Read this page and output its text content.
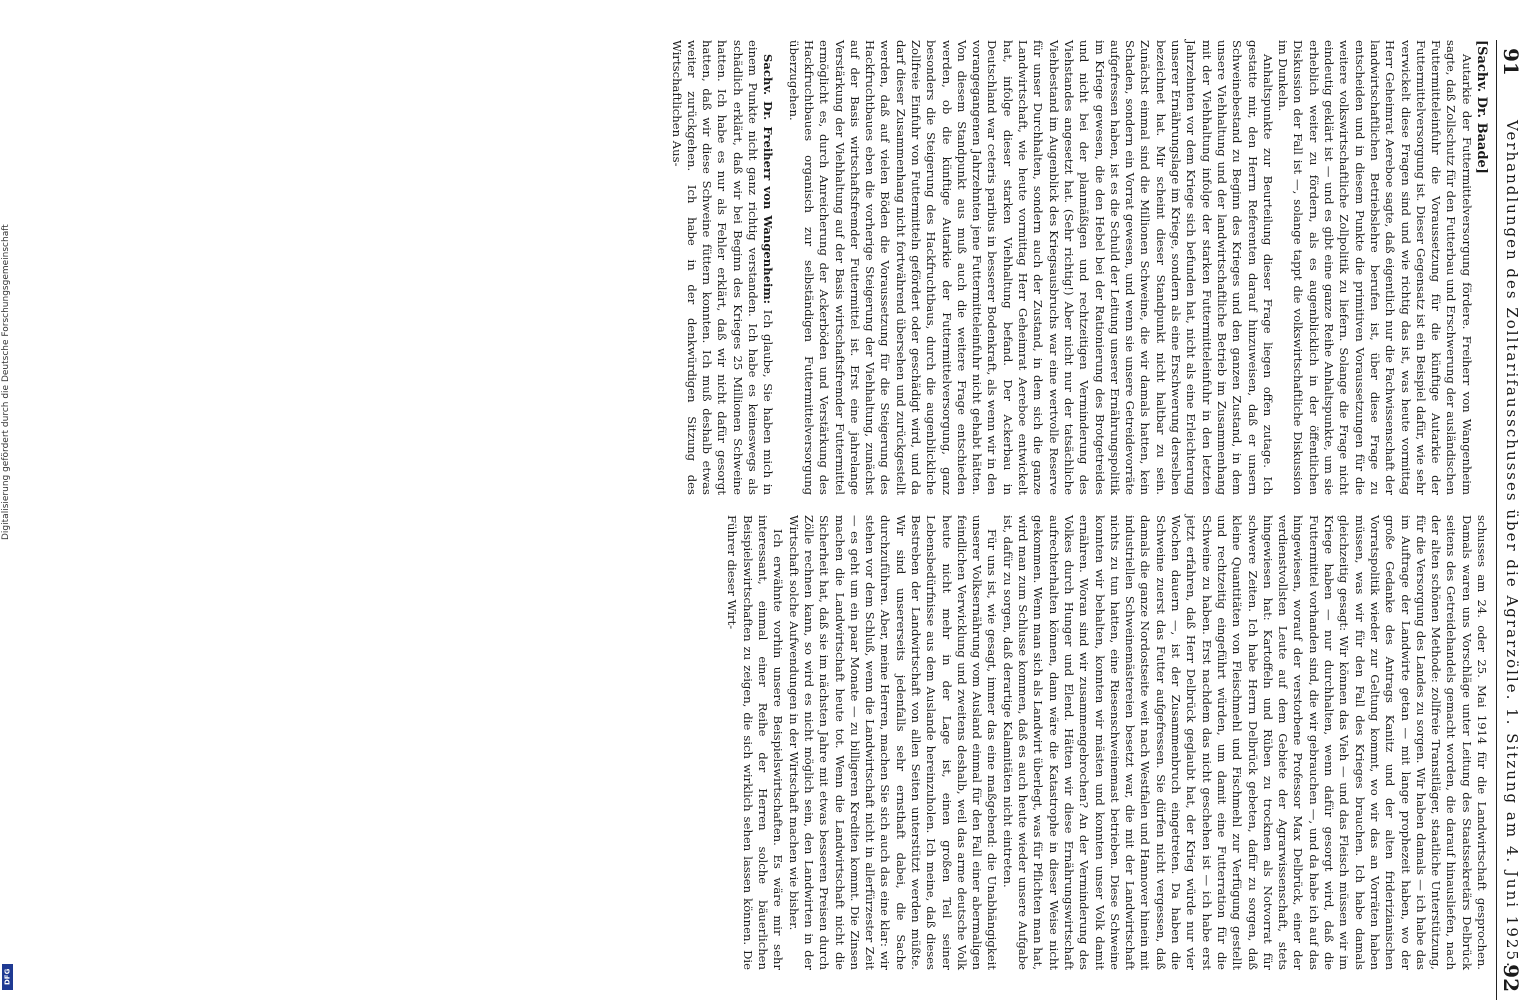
91
Verhandlungen des Zolltarifausschusses über die Agrarzölle. 1. Sitzung am 4. Juni 1925.
92
[Sachv. Dr. Baade]

Autarkie der Futtermittelversorgung fördere. Freiherr von Wangenheim sagte, daß Zollschutz für den Futterbau und Erschwerung der ausländischen Futtermitteleinfuhr die Voraussetzung für die künftige Autarkie der Futtermittelversorgung ist. Dieser Gegensatz ist ein Beispiel dafür, wie sehr verwickelt diese Fragen sind und wie richtig das ist, was heute vormittag Herr Geheimrat Aereboe sagte, daß eigentlich nur die Fachwissenschaft der landwirtschaftlichen Betriebslehre berufen ist, über diese Frage zu entscheiden und in diesem Punkte die primitiven Voraussetzungen für die weitere volkswirtschaftliche Zollpolitik zu liefern. Solange die Frage nicht eindeutig geklärt ist — und es gibt eine ganze Reihe Anhaltspunkte, um sie erheblich weiter zu fördern, als es augenblicklich in der öffentlichen Diskussion der Fall ist —, solange tappt die volkswirtschaftliche Diskussion im Dunkeln.

Anhaltspunkte zur Beurteilung dieser Frage liegen offen zutage. Ich gestatte mir, den Herrn Referenten darauf hinzuweisen, daß er unsern Schweinebestand zu Beginn des Krieges und den ganzen Zustand, in dem unsere Viehhaltung und der landwirtschaftliche Betrieb im Zusammenhang mit der Viehhaltung infolge der starken Futtermitteleinfuhr in den letzten Jahrzehnten vor dem Kriege sich befunden hat, nicht als eine Erleichterung unserer Ernährungslage im Kriege, sondern als eine Erschwerung derselben bezeichnet hat. Mir scheint dieser Standpunkt nicht haltbar zu sein. Zunächst einmal sind die Millionen Schweine, die wir damals hatten, kein Schaden, sondern ein Vorrat gewesen, und wenn sie unsere Getreidevorräte aufgefressen haben, ist es die Schuld der Leitung unserer Ernährungspolitik im Kriege gewesen, die den Hebel bei der Rationierung des Brotgetreides und nicht bei der planmäßigen und rechtzeitigen Verminderung des Viehstandes angesetzt hat. (Sehr richtig!) Aber nicht nur der tatsächliche Viehbestand im Augenblick des Kriegsausbruchs war eine wertvolle Reserve für unser Durchhalten, sondern auch der Zustand, in dem sich die ganze Landwirtschaft, wie heute vormittag Herr Geheimrat Aereboe entwickelt hat, infolge dieser starken Viehhaltung befand. Der Ackerbau in Deutschland war ceteris paribus in besserer Bodenkraft, als wenn wir in den vorangegangenen Jahrzehnten jene Futtermitteleinfuhr nicht gehabt hätten. Von diesem Standpunkt aus muß auch die weitere Frage entschieden werden, ob die künftige Autarkie der Futtermittelversorgung, ganz besonders die Steigerung des Hackfruchtbaus, durch die augenblickliche Zollfreie Einfuhr von Futtermitteln gefördert oder geschädigt wird, und da darf dieser Zusammenhang nicht fortwährend übersehen und zurückgestellt werden, daß auf vielen Böden die Voraussetzung für die Steigerung des Hackfruchtbaues eben die vorherige Steigerung der Viehhaltung, zunächst auf der Basis wirtschaftsfremder Futtermittel ist. Erst eine jahrelange Verstärkung der Viehhaltung auf der Basis wirtschaftsfremder Futtermittel ermöglicht es, durch Anreicherung der Ackerböden und Verstärkung des Hackfruchtbaues organisch zur selbständigen Futtermittelversorgung überzugehen.

Sachv. Dr. Freiherr von Wangenheim: Ich glaube, Sie haben mich in einem Punkte nicht ganz richtig verstanden. Ich habe es keineswegs als schädlich erklärt, daß wir bei Beginn des Krieges 25 Millionen Schweine hatten. Ich habe es nur als Fehler erklärt, daß wir nicht dafür gesorgt hatten, daß wir diese Schweine füttern konnten. Ich muß deshalb etwas weiter zurückgehen. Ich habe in der denkwürdigen Sitzung des Wirtschaftlichen Aus-

schusses am 24. oder 25. Mai 1914 für die Landwirtschaft gesprochen. Damals waren uns Vorschläge unter Leitung des Staatssekretärs Delbrück seitens des Getreidehandels gemacht worden, die darauf hinausliefen, nach der alten schönen Methode: zollfreie Transitläger, staatliche Unterstützung, für die Versorgung des Landes zu sorgen. Wir haben damals — ich habe das im Auftrage der Landwirte getan — mit lange prophezeit haben, wo der große Gedanke des Antrags Kanitz und der alten friderizianischen Vorratspolitik wieder zur Geltung kommt, wo wir das an Vorräten haben müssen, was wir für den Fall des Krieges brauchen. Ich habe damals gleichzeitig gesagt: Wir können das Vieh — und das Fleisch müssen wir im Kriege haben — nur durchhalten, wenn dafür gesorgt wird, daß die Futtermittel vorhanden sind, die wir gebrauchen —, und da habe ich auf das hingewiesen, worauf der verstorbene Professor Max Delbrück, einer der verdienstvollsten Leute auf dem Gebiete der Agrarwissenschaft, stets hingewiesen hat: Kartoffeln und Rüben zu trocknen als Notvorrat für schwere Zeiten. Ich habe Herrn Delbrück gebeten, dafür zu sorgen, daß kleine Quantitäten von Fleischmehl und Fischmehl zur Verfügung gestellt und rechtzeitig eingeführt würden, um damit eine Futterration für die Schweine zu haben. Erst nachdem das nicht geschehen ist — ich habe erst jetzt erfahren, daß Herr Delbrück geglaubt hat, der Krieg würde nur vier Wochen dauern —, ist der Zusammenbruch eingetreten. Da haben die Schweine zuerst das Futter aufgefressen. Sie dürfen nicht vergessen, daß damals die ganze Nordostseite weit nach Westfalen und Hannover hinein mit industriellen Schweinemästereien besetzt war, die mit der Landwirtschaft nichts zu tun hatten, eine Riesenschweinemast betrieben. Diese Schweine konnten wir behalten, konnten wir mästen und konnten unser Volk damit ernähren. Woran sind wir zusammengebrochen? An der Verminderung des Volkes durch Hunger und Elend. Hätten wir diese Ernährungswirtschaft aufrechterhalten können, dann wäre die Katastrophe in dieser Weise nicht gekommen. Wenn man sich als Landwirt überlegt, was für Pflichten man hat, wird man zum Schlusse kommen, daß es auch heute wieder unsere Aufgabe ist, dafür zu sorgen, daß derartige Kalamitäten nicht eintreten.

Für uns ist, wie gesagt, immer das eine maßgebend: die Unabhängigkeit unserer Volksernährung vom Ausland einmal für den Fall einer abermaligen feindlichen Verwicklung und zweitens deshalb, weil das arme deutsche Volk heute nicht mehr in der Lage ist, einen großen Teil seiner Lebensbedürfnisse aus dem Auslande hereinzuholen. Ich meine, daß dieses Bestreben der Landwirtschaft von allen Seiten unterstützt werden müßte. Wir sind unsererseits jedenfalls sehr ernsthaft dabei, die Sache durchzuführen. Aber, meine Herren, machen Sie sich auch das eine klar: wir stehen vor dem Schluß, wenn die Landwirtschaft nicht in allerfürzester Zeit — es geht um ein paar Monate — zu billigeren Krediten kommt. Die Zinsen machen die Landwirtschaft heute tot. Wenn die Landwirtschaft nicht die Sicherheit hat, daß sie im nächsten Jahre mit etwas besseren Preisen durch Zölle rechnen kann, so wird es nicht möglich sein, den Landwirten in der Wirtschaft solche Aufwendungen in der Wirtschaft machen wie bisher.

Ich erwähnte vorhin unsere Beispielswirtschaften. Es wäre mir sehr interessant, einmal einer Reihe der Herren solche bäuerlichen Beispielswirtschaften zu zeigen, die sich wirklich sehen lassen können. Die Führer dieser Wirt-

Digitalisierung gefördert durch die Deutsche Forschungsgemeinschaft
DFG
